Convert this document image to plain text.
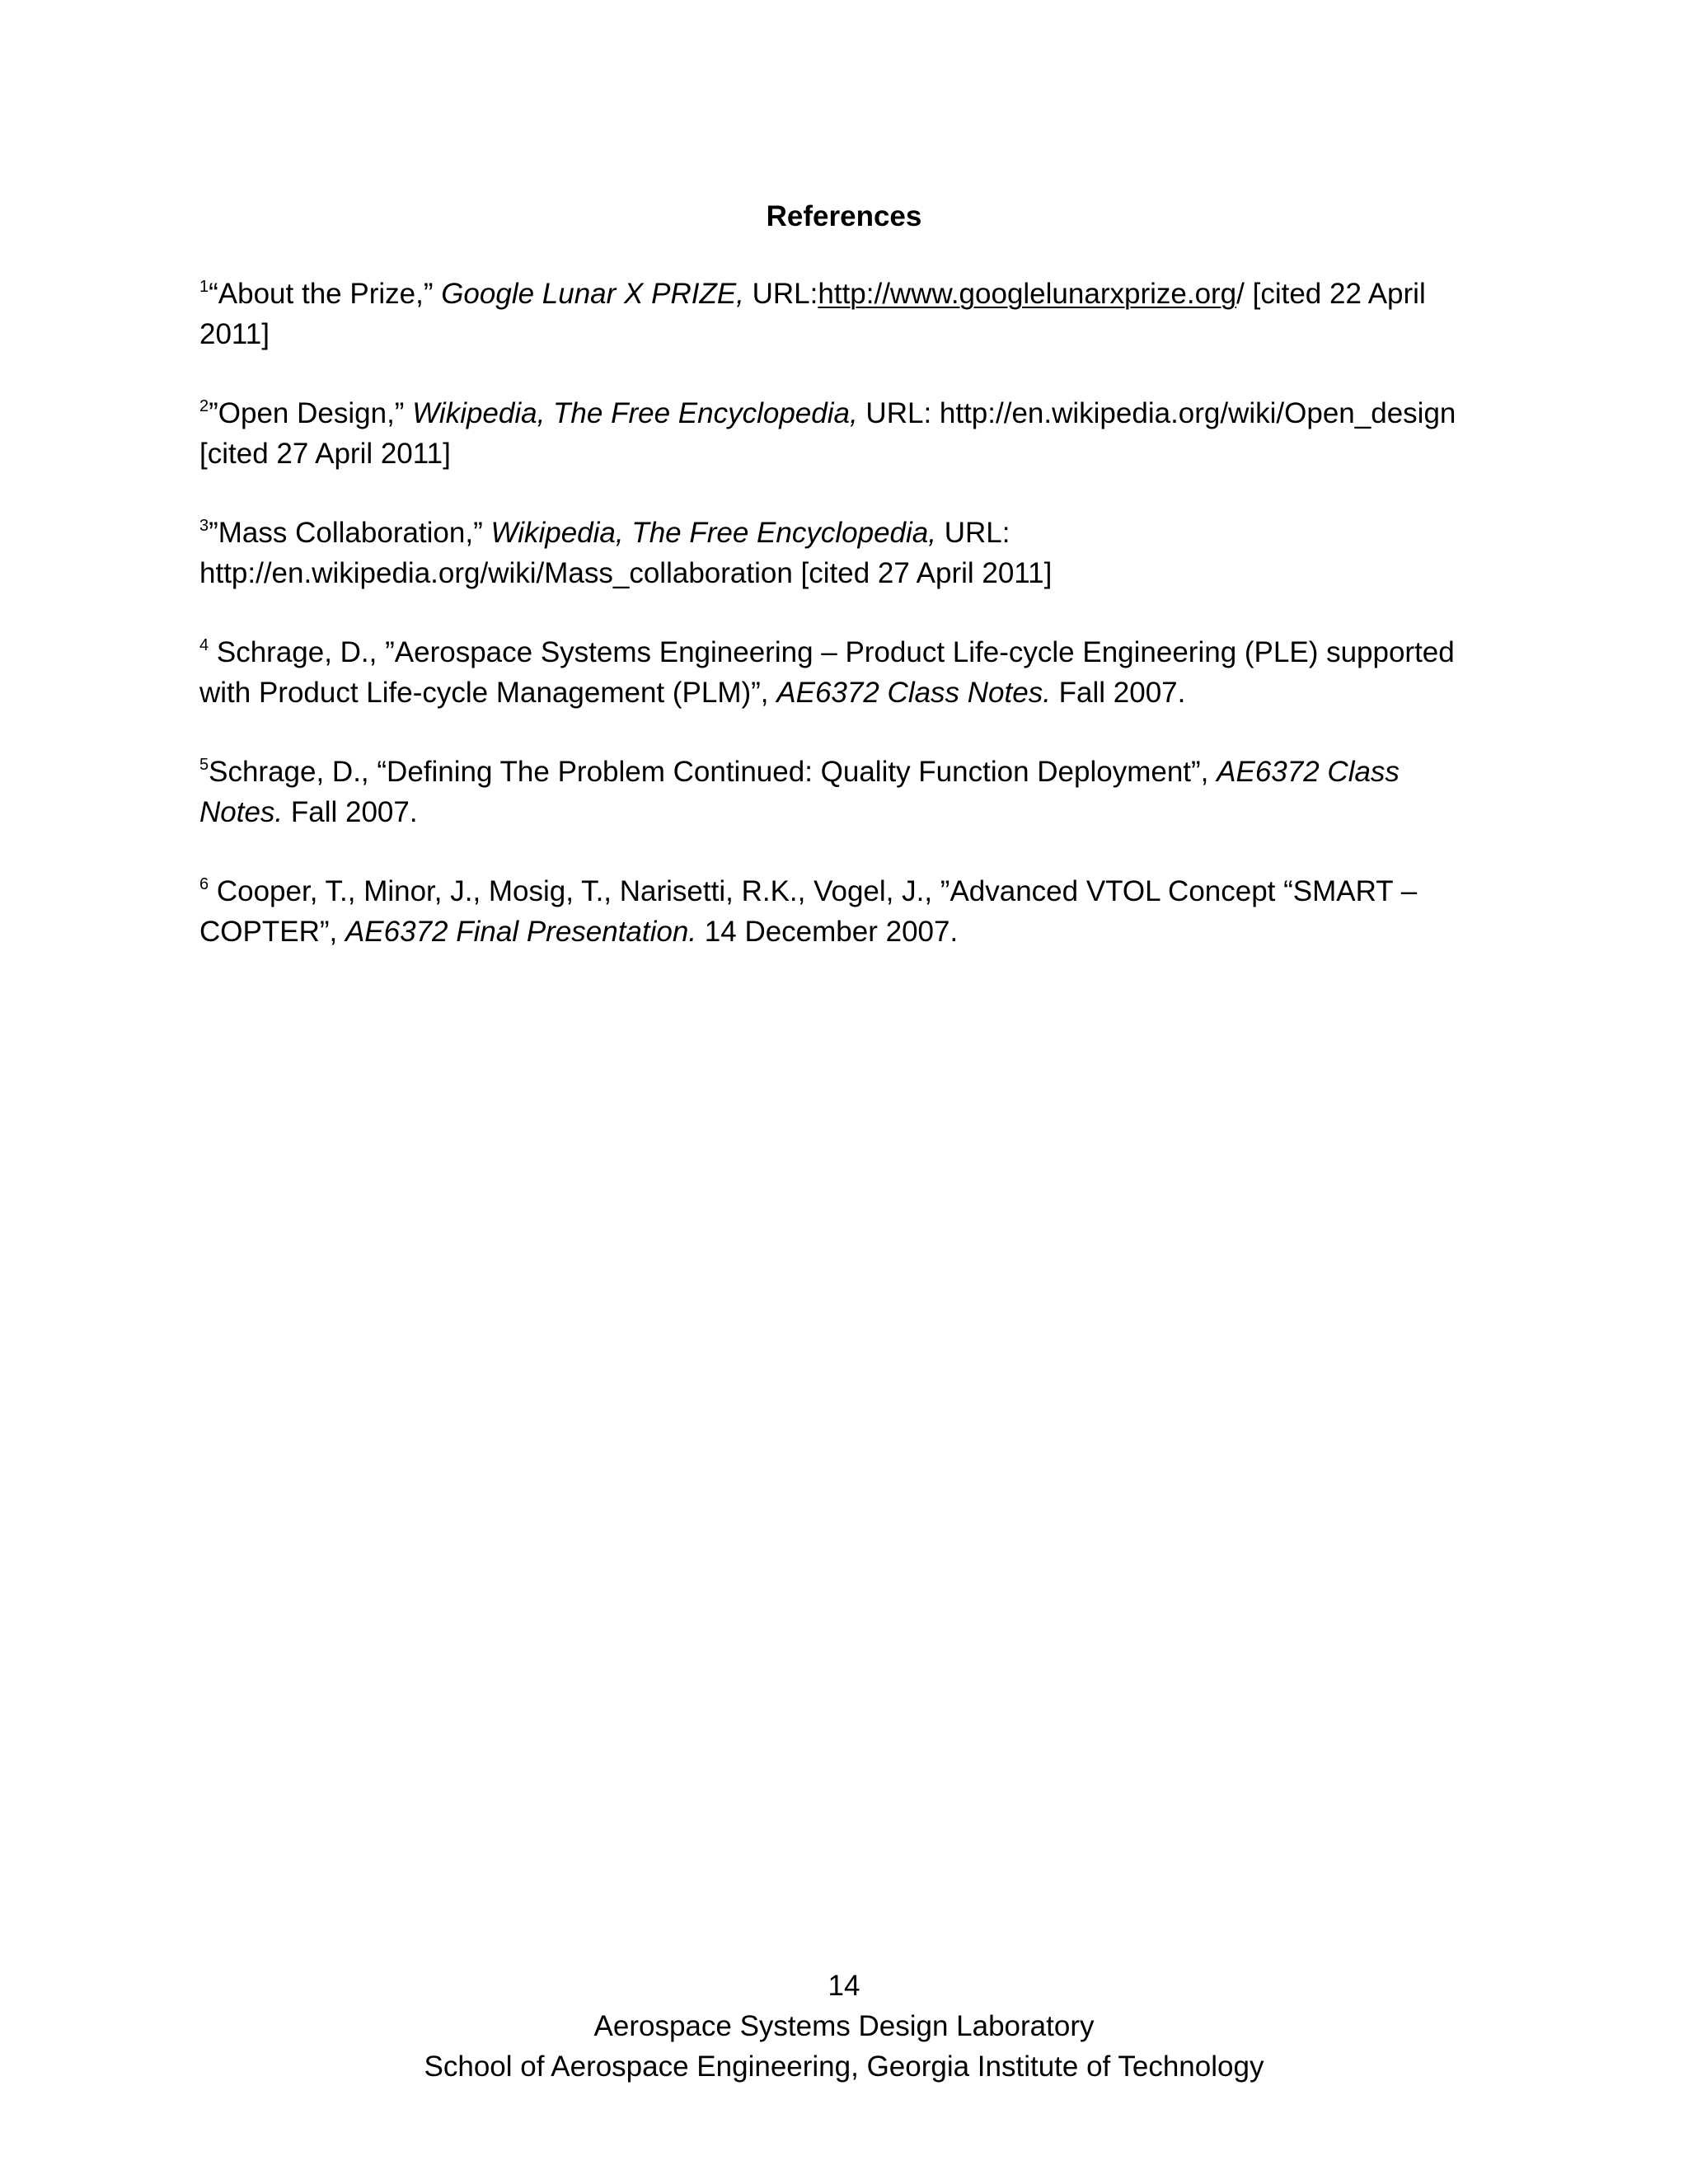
References

$^1$“About the Prize,” Google Lunar X PRIZE, URL:http://www.googlelunarxprize.org/ [cited 22 April 2011]

$^2$”Open Design,” Wikipedia, The Free Encyclopedia, URL: http://en.wikipedia.org/wiki/Open_design [cited 27 April 2011]

$^3$”Mass Collaboration,” Wikipedia, The Free Encyclopedia, URL: http://en.wikipedia.org/wiki/Mass_collaboration [cited 27 April 2011]

$^4$ Schrage, D., ”Aerospace Systems Engineering – Product Life-cycle Engineering (PLE) supported with Product Life-cycle Management (PLM)”, AE6372 Class Notes. Fall 2007.

$^5$Schrage, D., “Defining The Problem Continued: Quality Function Deployment”, AE6372 Class Notes. Fall 2007.

$^6$ Cooper, T., Minor, J., Mosig, T., Narisetti, R.K., Vogel, J., ”Advanced VTOL Concept “SMART – COPTER”, AE6372 Final Presentation. 14 December 2007.

14
Aerospace Systems Design Laboratory
School of Aerospace Engineering, Georgia Institute of Technology
